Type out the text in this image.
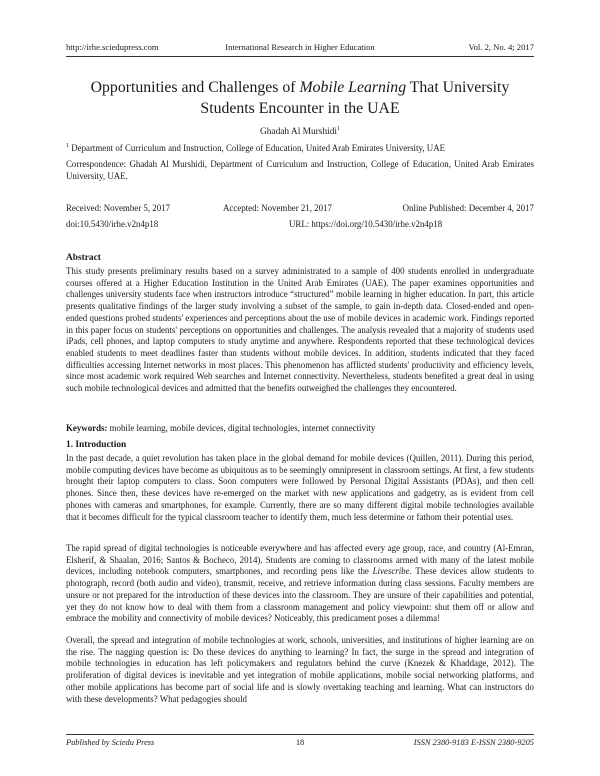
http://irhe.sciedupress.com	International Research in Higher Education	Vol. 2, No. 4; 2017
Opportunities and Challenges of Mobile Learning That University
Students Encounter in the UAE
Ghadah Al Murshidi$^1$
$^1$ Department of Curriculum and Instruction, College of Education, United Arab Emirates University, UAE
Correspondence: Ghadah Al Murshidi, Department of Curriculum and Instruction, College of Education, United Arab Emirates University, UAE.
Received: November 5, 2017	Accepted: November 21, 2017	Online Published: December 4, 2017
doi:10.5430/irhe.v2n4p18	URL: https://doi.org/10.5430/irhe.v2n4p18
Abstract

This study presents preliminary results based on a survey administrated to a sample of 400 students enrolled in undergraduate courses offered at a Higher Education Institution in the United Arab Emirates (UAE). The paper examines opportunities and challenges university students face when instructors introduce “structured” mobile learning in higher education. In part, this article presents qualitative findings of the larger study involving a subset of the sample, to gain in-depth data. Closed-ended and open-ended questions probed students' experiences and perceptions about the use of mobile devices in academic work. Findings reported in this paper focus on students' perceptions on opportunities and challenges. The analysis revealed that a majority of students used iPads, cell phones, and laptop computers to study anytime and anywhere. Respondents reported that these technological devices enabled students to meet deadlines faster than students without mobile devices. In addition, students indicated that they faced difficulties accessing Internet networks in most places. This phenomenon has afflicted students' productivity and efficiency levels, since most academic work required Web searches and Internet connectivity. Nevertheless, students benefited a great deal in using such mobile technological devices and admitted that the benefits outweighed the challenges they encountered.

Keywords: mobile learning, mobile devices, digital technologies, internet connectivity
1. Introduction

In the past decade, a quiet revolution has taken place in the global demand for mobile devices (Quillen, 2011). During this period, mobile computing devices have become as ubiquitous as to be seemingly omnipresent in classroom settings. At first, a few students brought their laptop computers to class. Soon computers were followed by Personal Digital Assistants (PDAs), and then cell phones. Since then, these devices have re-emerged on the market with new applications and gadgetry, as is evident from cell phones with cameras and smartphones, for example. Currently, there are so many different digital mobile technologies available that it becomes difficult for the typical classroom teacher to identify them, much less determine or fathom their potential uses.

The rapid spread of digital technologies is noticeable everywhere and has affected every age group, race, and country (Al-Emran, Elsherif, & Shaalan, 2016; Santos & Bocheco, 2014). Students are coming to classrooms armed with many of the latest mobile devices, including notebook computers, smartphones, and recording pens like the Livescribe. These devices allow students to photograph, record (both audio and video), transmit, receive, and retrieve information during class sessions. Faculty members are unsure or not prepared for the introduction of these devices into the classroom. They are unsure of their capabilities and potential, yet they do not know how to deal with them from a classroom management and policy viewpoint: shut them off or allow and embrace the mobility and connectivity of mobile devices? Noticeably, this predicament poses a dilemma!

Overall, the spread and integration of mobile technologies at work, schools, universities, and institutions of higher learning are on the rise. The nagging question is: Do these devices do anything to learning? In fact, the surge in the spread and integration of mobile technologies in education has left policymakers and regulators behind the curve (Knezek & Khaddage, 2012). The proliferation of digital devices is inevitable and yet integration of mobile applications, mobile social networking platforms, and other mobile applications has become part of social life and is slowly overtaking teaching and learning. What can instructors do with these developments? What pedagogies should

Published by Sciedu Press	18	ISSN 2380-9183 E-ISSN 2380-9205
